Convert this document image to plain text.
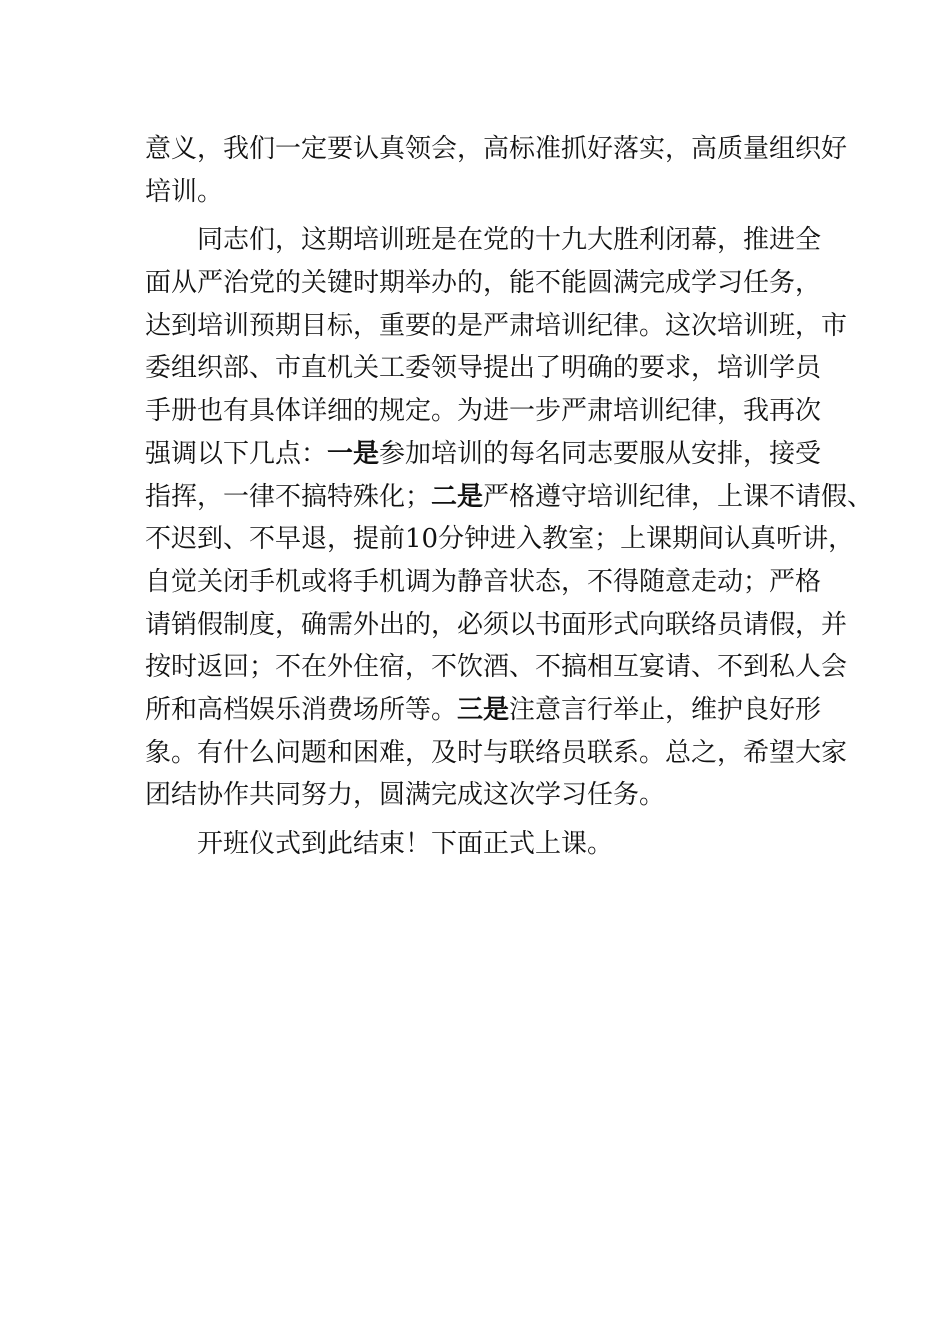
意义，我们一定要认真领会，高标准抓好落实，高质量组织好
培训。
同志们，这期培训班是在党的十九大胜利闭幕，推进全
面从严治党的关键时期举办的，能不能圆满完成学习任务，
达到培训预期目标，重要的是严肃培训纪律。这次培训班，市
委组织部、市直机关工委领导提出了明确的要求，培训学员
手册也有具体详细的规定。为进一步严肃培训纪律，我再次
强调以下几点：一是参加培训的每名同志要服从安排，接受
指挥，一律不搞特殊化；二是严格遵守培训纪律，上课不请假、
不迟到、不早退，提前10分钟进入教室；上课期间认真听讲，
自觉关闭手机或将手机调为静音状态，不得随意走动；严格
请销假制度，确需外出的，必须以书面形式向联络员请假，并
按时返回；不在外住宿，不饮酒、不搞相互宴请、不到私人会
所和高档娱乐消费场所等。三是注意言行举止，维护良好形
象。有什么问题和困难，及时与联络员联系。总之，希望大家
团结协作共同努力，圆满完成这次学习任务。
开班仪式到此结束！下面正式上课。
